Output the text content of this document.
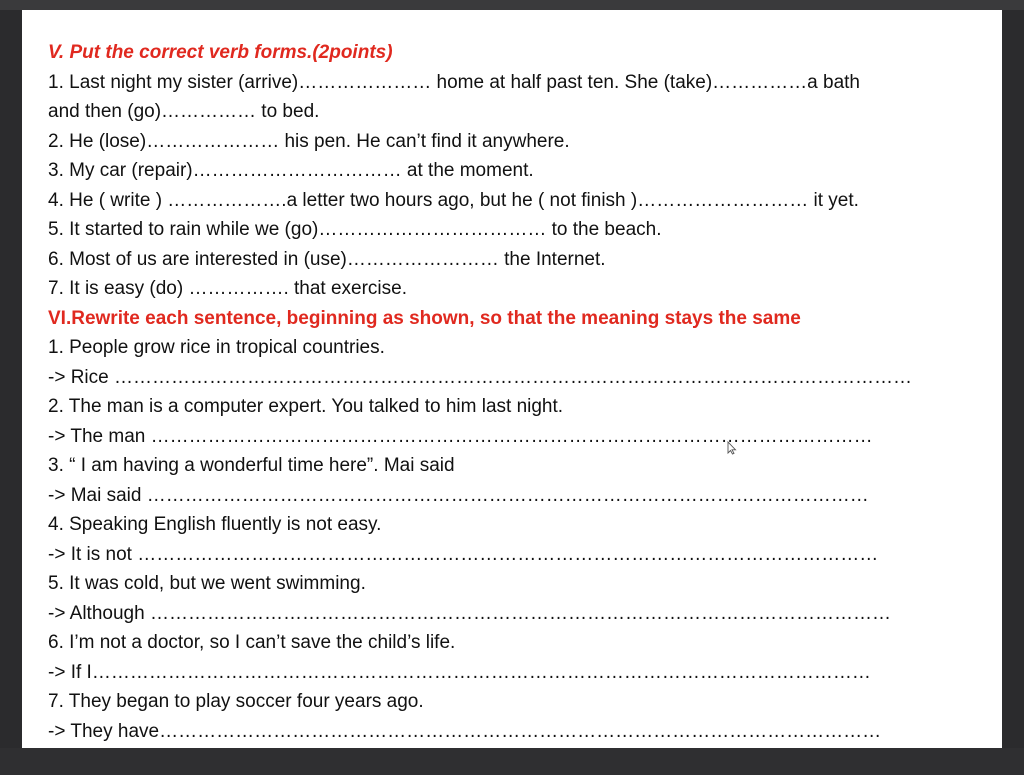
V. Put the correct verb forms.(2points)
1. Last night my sister (arrive)………………… home at half past ten. She (take)……………a bath
and then (go)…………… to bed.
2. He (lose)………………… his pen. He can’t find it anywhere.
3. My car (repair)…………………………… at the moment.
4. He ( write ) ……………….a letter two hours ago, but he ( not finish )……………………… it yet.
5. It started to rain while we (go)……………………………… to the beach.
6. Most of us are interested in (use)…………………… the Internet.
7. It is easy (do) ……………. that exercise.
VI.Rewrite each sentence, beginning as shown, so that the meaning stays the same
1. People grow rice in tropical countries.
-> Rice ………………………………………………………………………………………………………………
2. The man is a computer expert. You talked to him last night.
-> The man ……………………………………………………………………………………………………
3. “ I am having a wonderful time here”. Mai said
-> Mai said ……………………………………………………………………………………………………
4. Speaking English fluently is not easy.
-> It is not ………………………………………………………………………………………………………
5. It was cold, but we went swimming.
-> Although ………………………………………………………………………………………………………
6. I’m not a doctor, so I can’t save the child’s life.
-> If I……………………………………………………………………………………………………………
7. They began to play soccer four years ago.
-> They have……………………………………………………………………………………………………
